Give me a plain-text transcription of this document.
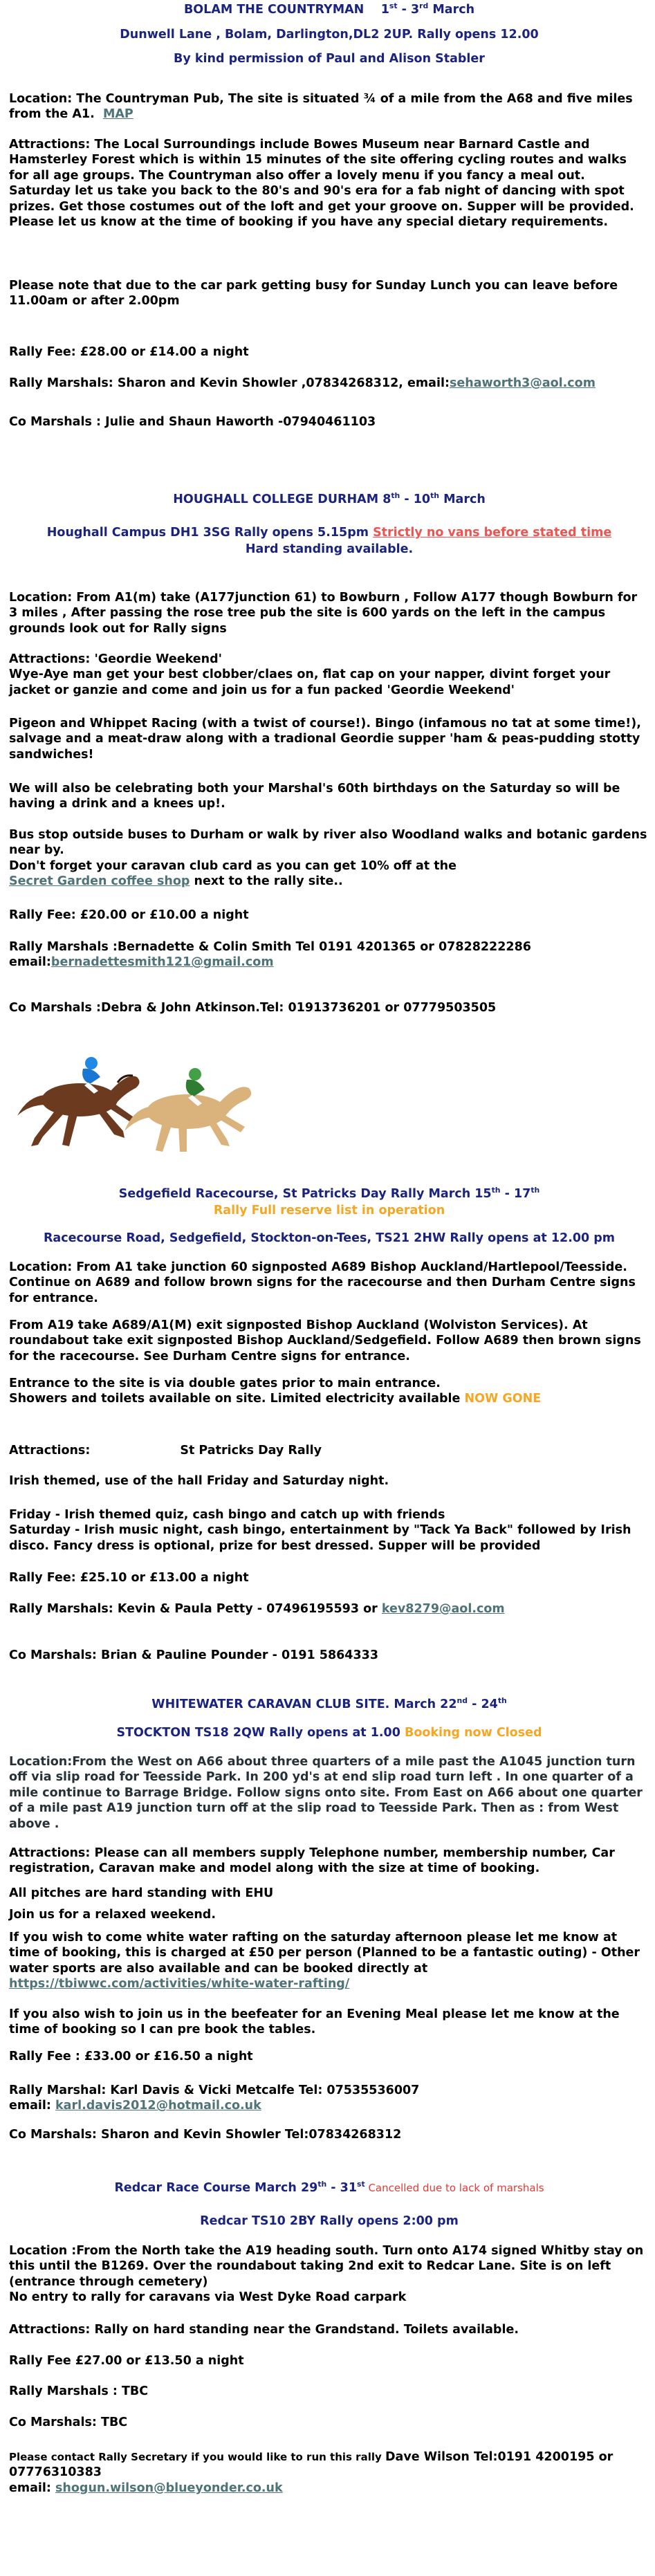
BOLAM THE COUNTRYMAN 1st - 3rd March
Dunwell Lane , Bolam, Darlington,DL2 2UP. Rally opens 12.00
By kind permission of Paul and Alison Stabler

Location: The Countryman Pub, The site is situated ¾ of a mile from the A68 and five miles from the A1. MAP

Attractions: The Local Surroundings include Bowes Museum near Barnard Castle and Hamsterley Forest which is within 15 minutes of the site offering cycling routes and walks for all age groups. The Countryman also offer a lovely menu if you fancy a meal out.

Saturday let us take you back to the 80's and 90's era for a fab night of dancing with spot prizes. Get those costumes out of the loft and get your groove on. Supper will be provided. Please let us know at the time of booking if you have any special dietary requirements.

Please note that due to the car park getting busy for Sunday Lunch you can leave before 11.00am or after 2.00pm

Rally Fee: £28.00 or £14.00 a night
Rally Marshals: Sharon and Kevin Showler ,07834268312, email:sehaworth3@aol.com
Co Marshals : Julie and Shaun Haworth -07940461103
HOUGHALL COLLEGE DURHAM 8th - 10th March
Houghall Campus DH1 3SG Rally opens 5.15pm Strictly no vans before stated time
Hard standing available.

Location: From A1(m) take (A177junction 61) to Bowburn , Follow A177 though Bowburn for 3 miles , After passing the rose tree pub the site is 600 yards on the left in the campus grounds look out for Rally signs

Attractions: 'Geordie Weekend'

Wye-Aye man get your best clobber/claes on, flat cap on your napper, divint forget your jacket or ganzie and come and join us for a fun packed 'Geordie Weekend'

Pigeon and Whippet Racing (with a twist of course!). Bingo (infamous no tat at some time!), salvage and a meat-draw along with a tradional Geordie supper 'ham & peas-pudding stotty sandwiches!

We will also be celebrating both your Marshal's 60th birthdays on the Saturday so will be having a drink and a knees up!.

Bus stop outside buses to Durham or walk by river also Woodland walks and botanic gardens near by.

Don't forget your caravan club card as you can get 10% off at the
Secret Garden coffee shop next to the rally site..

Rally Fee: £20.00 or £10.00 a night

Rally Marshals :Bernadette & Colin Smith Tel 0191 4201365 or 07828222286

email:bernadettesmith121@gmail.com

Co Marshals :Debra & John Atkinson.Tel: 01913736201 or 07779503505
Sedgefield Racecourse, St Patricks Day Rally March 15th - 17th
Rally Full reserve list in operation
Racecourse Road, Sedgefield, Stockton-on-Tees, TS21 2HW Rally opens at 12.00 pm

Location: From A1 take junction 60 signposted A689 Bishop Auckland/Hartlepool/Teesside. Continue on A689 and follow brown signs for the racecourse and then Durham Centre signs for entrance.

From A19 take A689/A1(M) exit signposted Bishop Auckland (Wolviston Services). At roundabout take exit signposted Bishop Auckland/Sedgefield. Follow A689 then brown signs for the racecourse. See Durham Centre signs for entrance.

Entrance to the site is via double gates prior to main entrance.

Showers and toilets available on site. Limited electricity available NOW GONE

Attractions:	St Patricks Day Rally
Irish themed, use of the hall Friday and Saturday night.

Friday - Irish themed quiz, cash bingo and catch up with friends

Saturday - Irish music night, cash bingo, entertainment by "Tack Ya Back" followed by Irish disco. Fancy dress is optional, prize for best dressed. Supper will be provided

Rally Fee: £25.10 or £13.00 a night
Rally Marshals: Kevin & Paula Petty - 07496195593 or kev8279@aol.com
Co Marshals: Brian & Pauline Pounder - 0191 5864333
WHITEWATER CARAVAN CLUB SITE. March 22nd - 24th
STOCKTON TS18 2QW Rally opens at 1.00 Booking now Closed

Location:From the West on A66 about three quarters of a mile past the A1045 junction turn off via slip road for Teesside Park. In 200 yd's at end slip road turn left . In one quarter of a mile continue to Barrage Bridge. Follow signs onto site. From East on A66 about one quarter of a mile past A19 junction turn off at the slip road to Teesside Park. Then as : from West above .

Attractions: Please can all members supply Telephone number, membership number, Car registration, Caravan make and model along with the size at time of booking.

All pitches are hard standing with EHU
Join us for a relaxed weekend.

If you wish to come white water rafting on the saturday afternoon please let me know at time of booking, this is charged at £50 per person (Planned to be a fantastic outing) - Other water sports are also available and can be booked directly at

https://tbiwwc.com/activities/white-water-rafting/

If you also wish to join us in the beefeater for an Evening Meal please let me know at the time of booking so I can pre book the tables.

Rally Fee : £33.00 or £16.50 a night

Rally Marshal: Karl Davis & Vicki Metcalfe Tel: 07535536007

email: karl.davis2012@hotmail.co.uk

Co Marshals: Sharon and Kevin Showler Tel:07834268312
Redcar Race Course March 29th - 31st Cancelled due to lack of marshals
Redcar TS10 2BY Rally opens 2:00 pm

Location :From the North take the A19 heading south. Turn onto A174 signed Whitby stay on this until the B1269. Over the roundabout taking 2nd exit to Redcar Lane. Site is on left (entrance through cemetery)

No entry to rally for caravans via West Dyke Road carpark

Attractions: Rally on hard standing near the Grandstand. Toilets available.
Rally Fee £27.00 or £13.50 a night
Rally Marshals : TBC
Co Marshals: TBC

Please contact Rally Secretary if you would like to run this rally Dave Wilson Tel:0191 4200195 or 07776310383

email: shogun.wilson@blueyonder.co.uk
